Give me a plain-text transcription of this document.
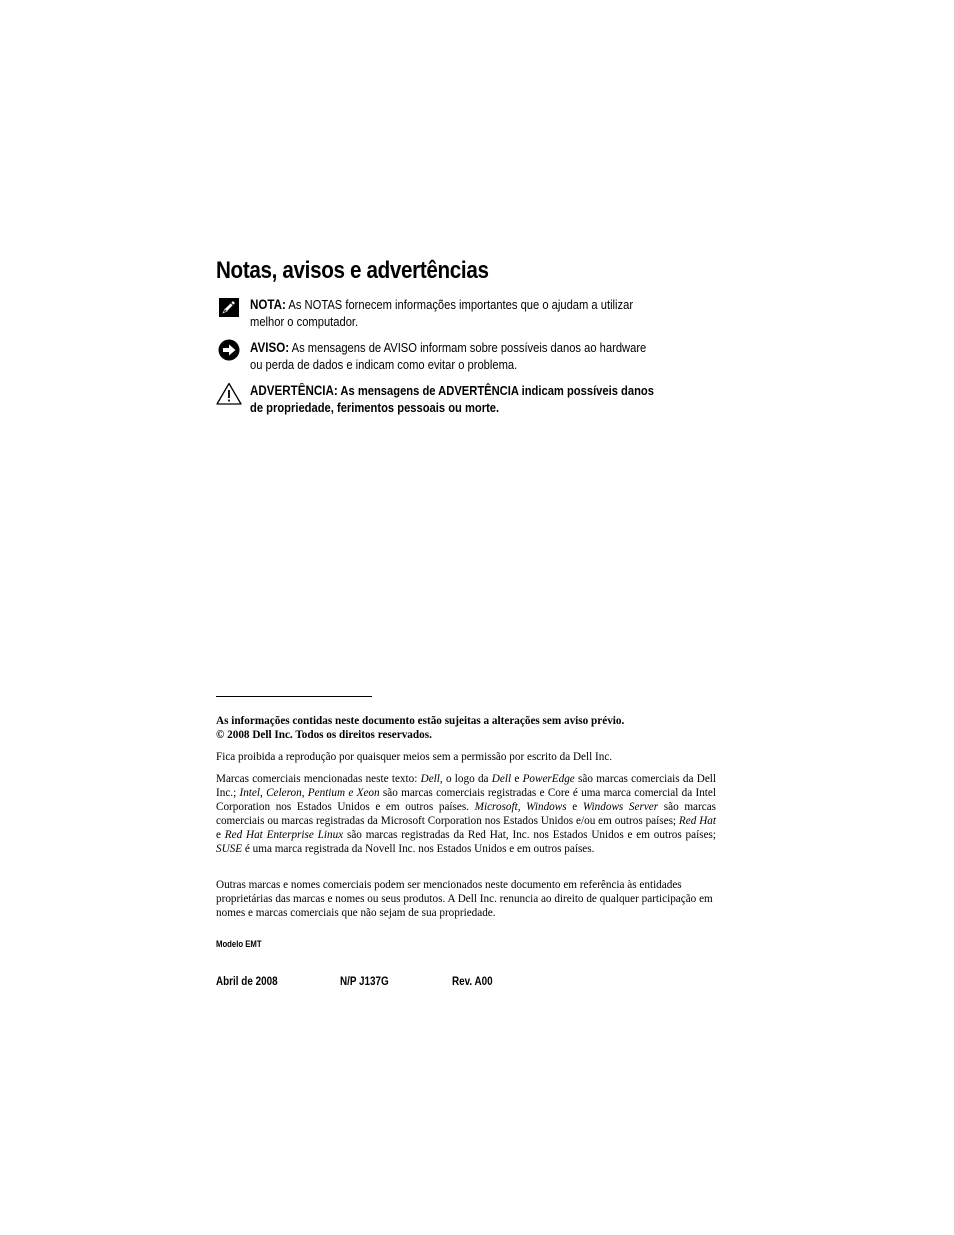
Notas, avisos e advertências
NOTA: As NOTAS fornecem informações importantes que o ajudam a utilizar
melhor o computador.
AVISO: As mensagens de AVISO informam sobre possíveis danos ao hardware
ou perda de dados e indicam como evitar o problema.
ADVERTÊNCIA: As mensagens de ADVERTÊNCIA indicam possíveis danos
de propriedade, ferimentos pessoais ou morte.

As informações contidas neste documento estão sujeitas a alterações sem aviso prévio.
© 2008 Dell Inc. Todos os direitos reservados.

Fica proibida a reprodução por quaisquer meios sem a permissão por escrito da Dell Inc.

Marcas comerciais mencionadas neste texto: Dell, o logo da Dell e PowerEdge são marcas comerciais da Dell Inc.; Intel, Celeron, Pentium e Xeon são marcas comerciais registradas e Core é uma marca comercial da Intel Corporation nos Estados Unidos e em outros países. Microsoft, Windows e Windows Server são marcas comerciais ou marcas registradas da Microsoft Corporation nos Estados Unidos e/ou em outros países; Red Hat e Red Hat Enterprise Linux são marcas registradas da Red Hat, Inc. nos Estados Unidos e em outros países; SUSE é uma marca registrada da Novell Inc. nos Estados Unidos e em outros países.

Outras marcas e nomes comerciais podem ser mencionados neste documento em referência às entidades proprietárias das marcas e nomes ou seus produtos. A Dell Inc. renuncia ao direito de qualquer participação em nomes e marcas comerciais que não sejam de sua propriedade.

Modelo EMT

Abril de 2008	N/P J137G	Rev. A00
